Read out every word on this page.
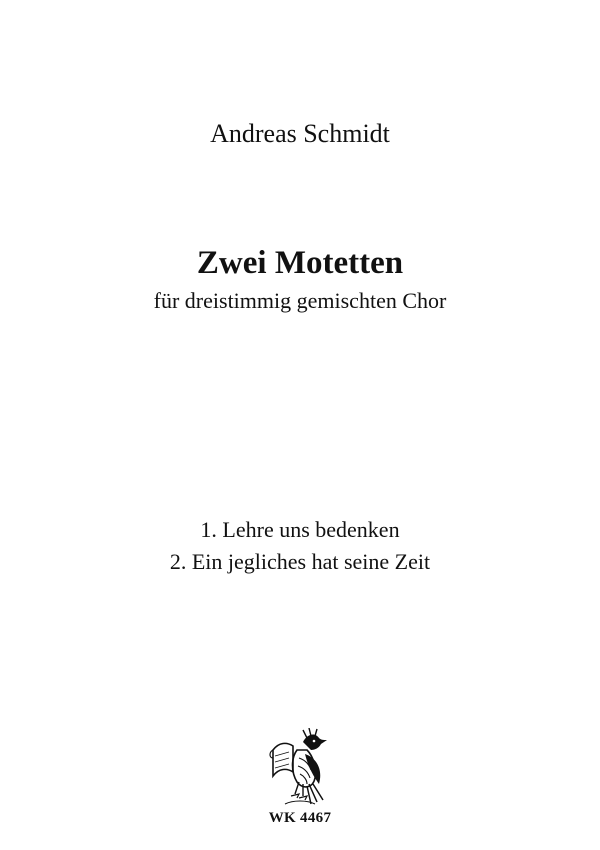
Andreas Schmidt
Zwei Motetten
für dreistimmig gemischten Chor
1. Lehre uns bedenken
2. Ein jegliches hat seine Zeit
WK 4467
